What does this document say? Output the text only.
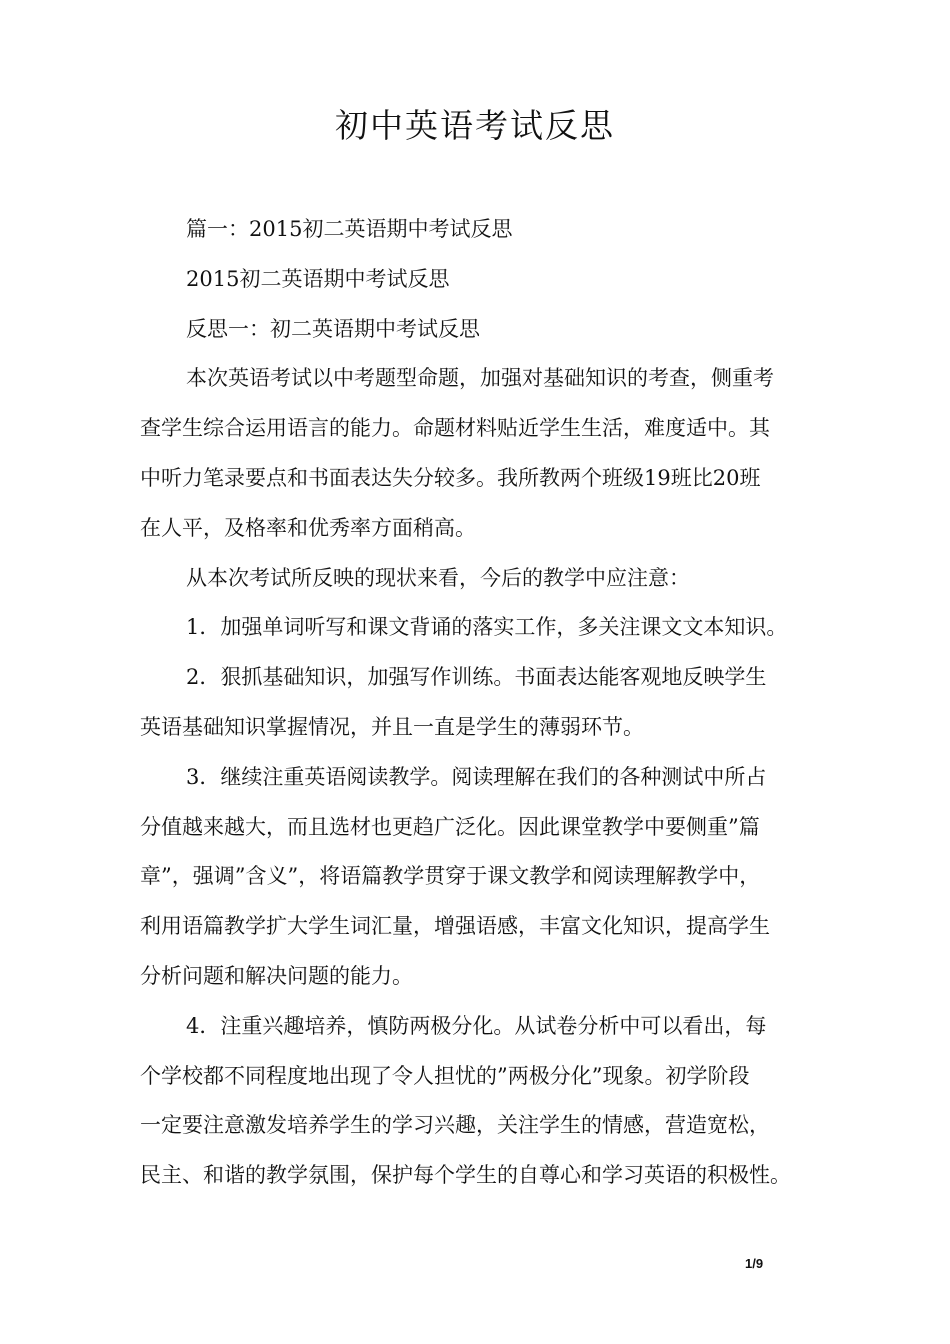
初中英语考试反思
篇一：2015初二英语期中考试反思
2015初二英语期中考试反思
反思一：初二英语期中考试反思
本次英语考试以中考题型命题，加强对基础知识的考查，侧重考
查学生综合运用语言的能力。命题材料贴近学生生活，难度适中。其
中听力笔录要点和书面表达失分较多。我所教两个班级19班比20班
在人平，及格率和优秀率方面稍高。
从本次考试所反映的现状来看，今后的教学中应注意：
1．加强单词听写和课文背诵的落实工作，多关注课文文本知识。
2．狠抓基础知识，加强写作训练。书面表达能客观地反映学生
英语基础知识掌握情况，并且一直是学生的薄弱环节。
3．继续注重英语阅读教学。阅读理解在我们的各种测试中所占
分值越来越大，而且选材也更趋广泛化。因此课堂教学中要侧重”篇
章”，强调”含义”，将语篇教学贯穿于课文教学和阅读理解教学中，
利用语篇教学扩大学生词汇量，增强语感，丰富文化知识，提高学生
分析问题和解决问题的能力。
4．注重兴趣培养，慎防两极分化。从试卷分析中可以看出，每
个学校都不同程度地出现了令人担忧的”两极分化”现象。初学阶段
一定要注意激发培养学生的学习兴趣，关注学生的情感，营造宽松，
民主、和谐的教学氛围，保护每个学生的自尊心和学习英语的积极性。
1/9
